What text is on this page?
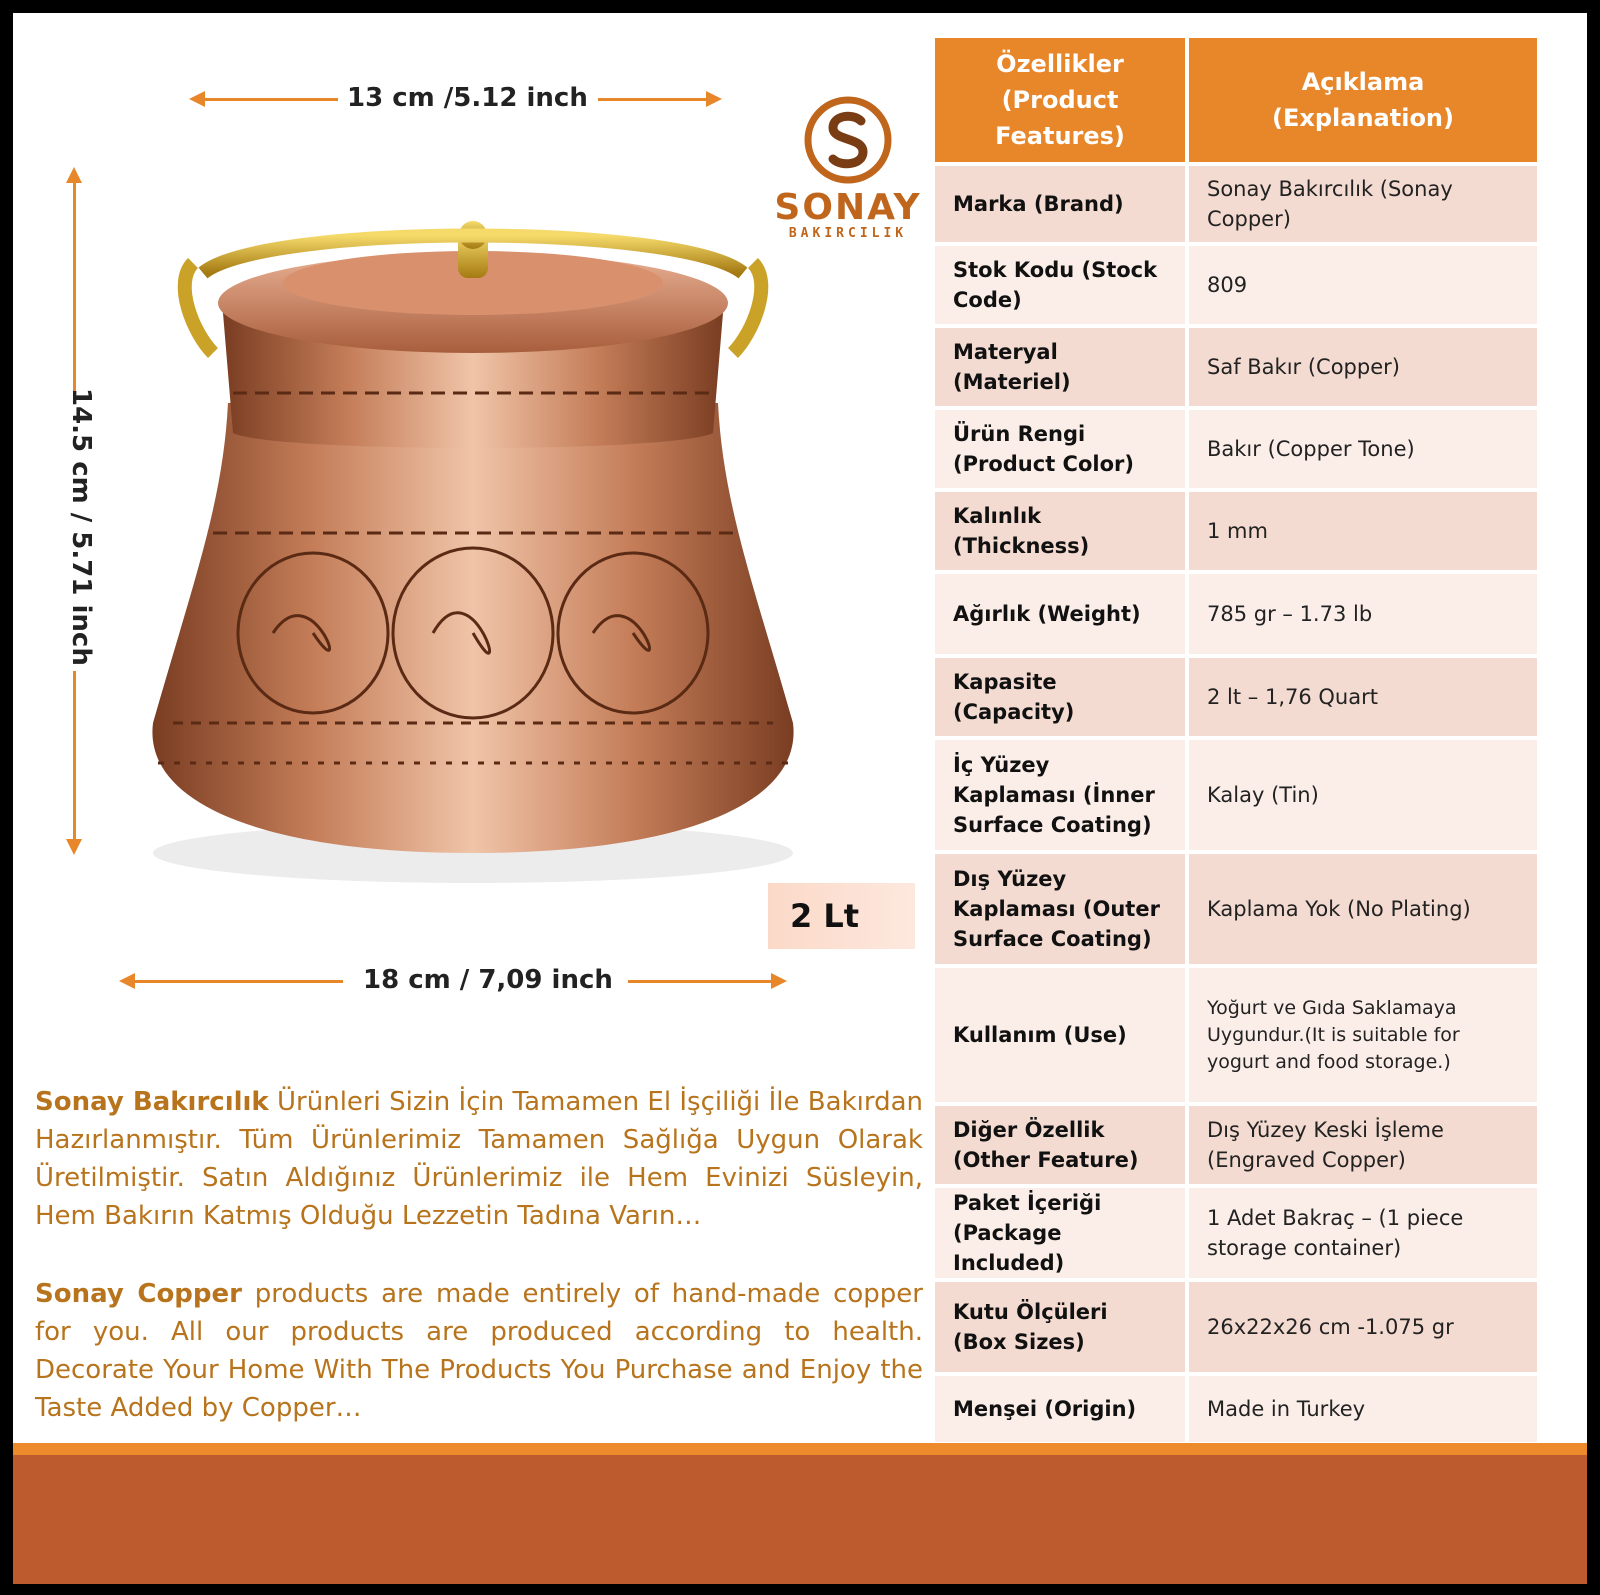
13 cm /5.12 inch
14.5 cm / 5.71 inch
SONAY
BAKIRCILIK
2 Lt
18 cm / 7,09 inch
Sonay Bakırcılık Ürünleri Sizin İçin Tamamen El İşçiliği İle Bakırdan Hazırlanmıştır. Tüm Ürünlerimiz Tamamen Sağlığa Uygun Olarak Üretilmiştir. Satın Aldığınız Ürünlerimiz ile Hem Evinizi Süsleyin, Hem Bakırın Katmış Olduğu Lezzetin Tadına Varın…
Sonay Copper products are made entirely of hand-made copper for you. All our products are produced according to health. Decorate Your Home With The Products You Purchase and Enjoy the Taste Added by Copper…
Özellikler (Product Features)	Açıklama (Explanation)
Marka (Brand)	Sonay Bakırcılık (Sonay Copper)
Stok Kodu (Stock Code)	809
Materyal (Materiel)	Saf Bakır (Copper)
Ürün Rengi (Product Color)	Bakır (Copper Tone)
Kalınlık (Thickness)	1 mm
Ağırlık (Weight)	785 gr – 1.73 lb
Kapasite (Capacity)	2 lt – 1,76 Quart
İç Yüzey Kaplaması (İnner Surface Coating)	Kalay (Tin)
Dış Yüzey Kaplaması (Outer Surface Coating)	Kaplama Yok (No Plating)
Kullanım (Use)	Yoğurt ve Gıda Saklamaya Uygundur.(It is suitable for yogurt and food storage.)
Diğer Özellik (Other Feature)	Dış Yüzey Keski İşleme (Engraved Copper)
Paket İçeriği (Package Included)	1 Adet Bakraç – (1 piece storage container)
Kutu Ölçüleri (Box Sizes)	26x22x26 cm -1.075 gr
Menşei (Origin)	Made in Turkey
